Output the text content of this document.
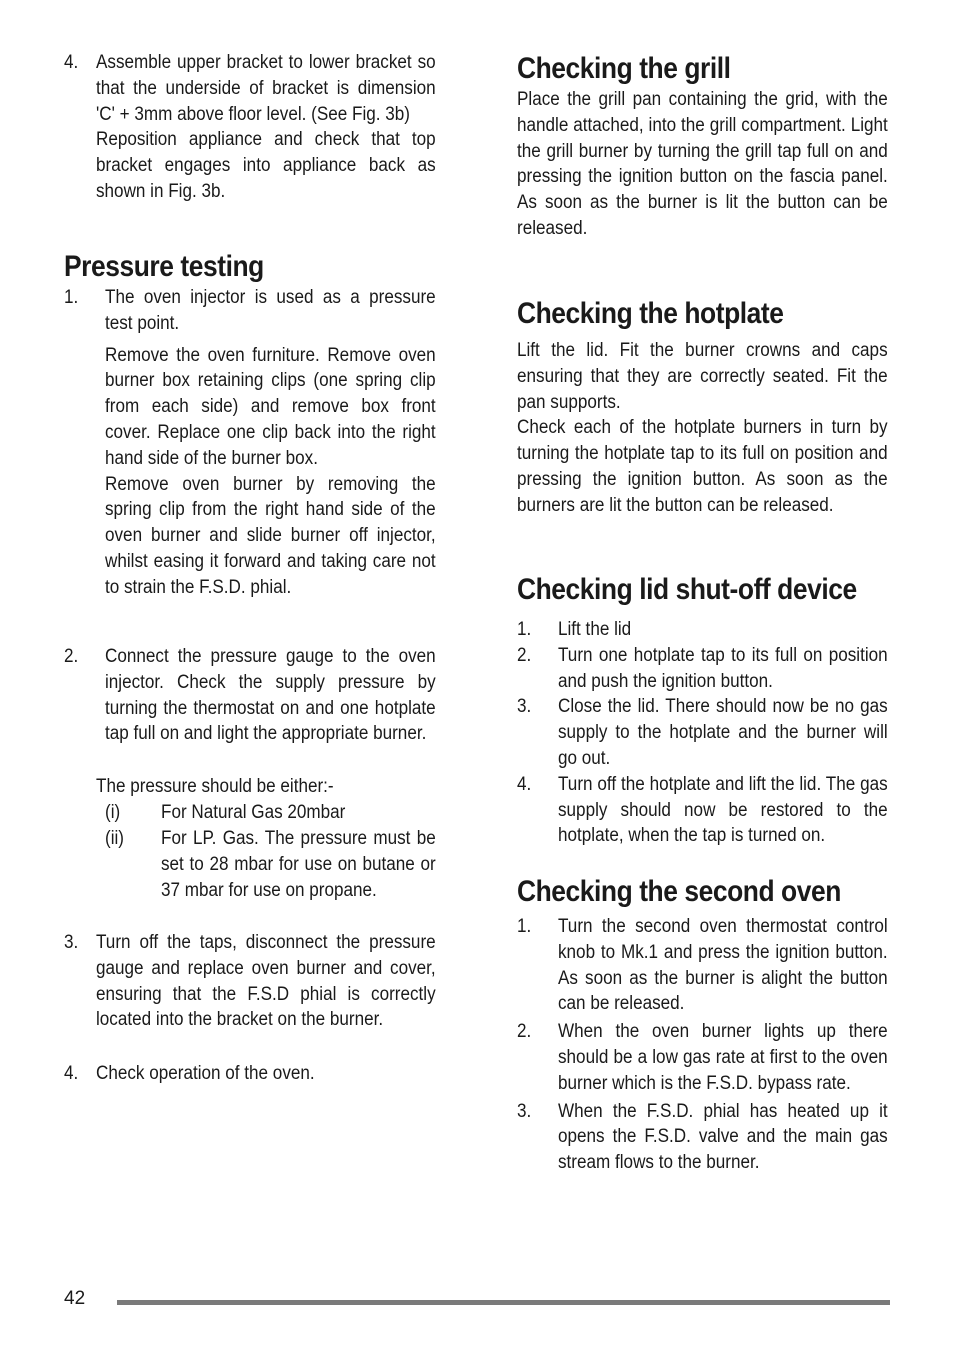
4. Assemble upper bracket to lower bracket so that the underside of bracket is dimension 'C' + 3mm above floor level. (See Fig. 3b)

Reposition appliance and check that top bracket engages into appliance back as shown in Fig. 3b.

Pressure testing
1. The oven injector is used as a pressure test point.

Remove the oven furniture. Remove oven burner box retaining clips (one spring clip from each side) and remove box front cover. Replace one clip back into the right hand side of the burner box.

Remove oven burner by removing the spring clip from the right hand side of the oven burner and slide burner off injector, whilst easing it forward and taking care not to strain the F.S.D. phial.

2. Connect the pressure gauge to the oven injector. Check the supply pressure by turning the thermostat on and one hotplate tap full on and light the appropriate burner.

The pressure should be either:-

(i) For Natural Gas 20mbar

(ii) For LP. Gas. The pressure must be set to 28 mbar for use on butane or 37 mbar for use on propane.

3. Turn off the taps, disconnect the pressure gauge and replace oven burner and cover, ensuring that the F.S.D phial is correctly located into the bracket on the burner.

4. Check operation of the oven.

Checking the grill

Place the grill pan containing the grid, with the handle attached, into the grill compartment. Light the grill burner by turning the grill tap full on and pressing the ignition button on the fascia panel. As soon as the burner is lit the button can be released.

Checking the hotplate

Lift the lid. Fit the burner crowns and caps ensuring that they are correctly seated. Fit the pan supports.

Check each of the hotplate burners in turn by turning the hotplate tap to its full on position and pressing the ignition button. As soon as the burners are lit the button can be released.

Checking lid shut-off device
1. Lift the lid

2. Turn one hotplate tap to its full on position and push the ignition button.

3. Close the lid. There should now be no gas supply to the hotplate and the burner will go out.

4. Turn off the hotplate and lift the lid. The gas supply should now be restored to the hotplate, when the tap is turned on.

Checking the second oven
1. Turn the second oven thermostat control knob to Mk.1 and press the ignition button. As soon as the burner is alight the button can be released.

2. When the oven burner lights up there should be a low gas rate at first to the oven burner which is the F.S.D. bypass rate.

3. When the F.S.D. phial has heated up it opens the F.S.D. valve and the main gas stream flows to the burner.

42
